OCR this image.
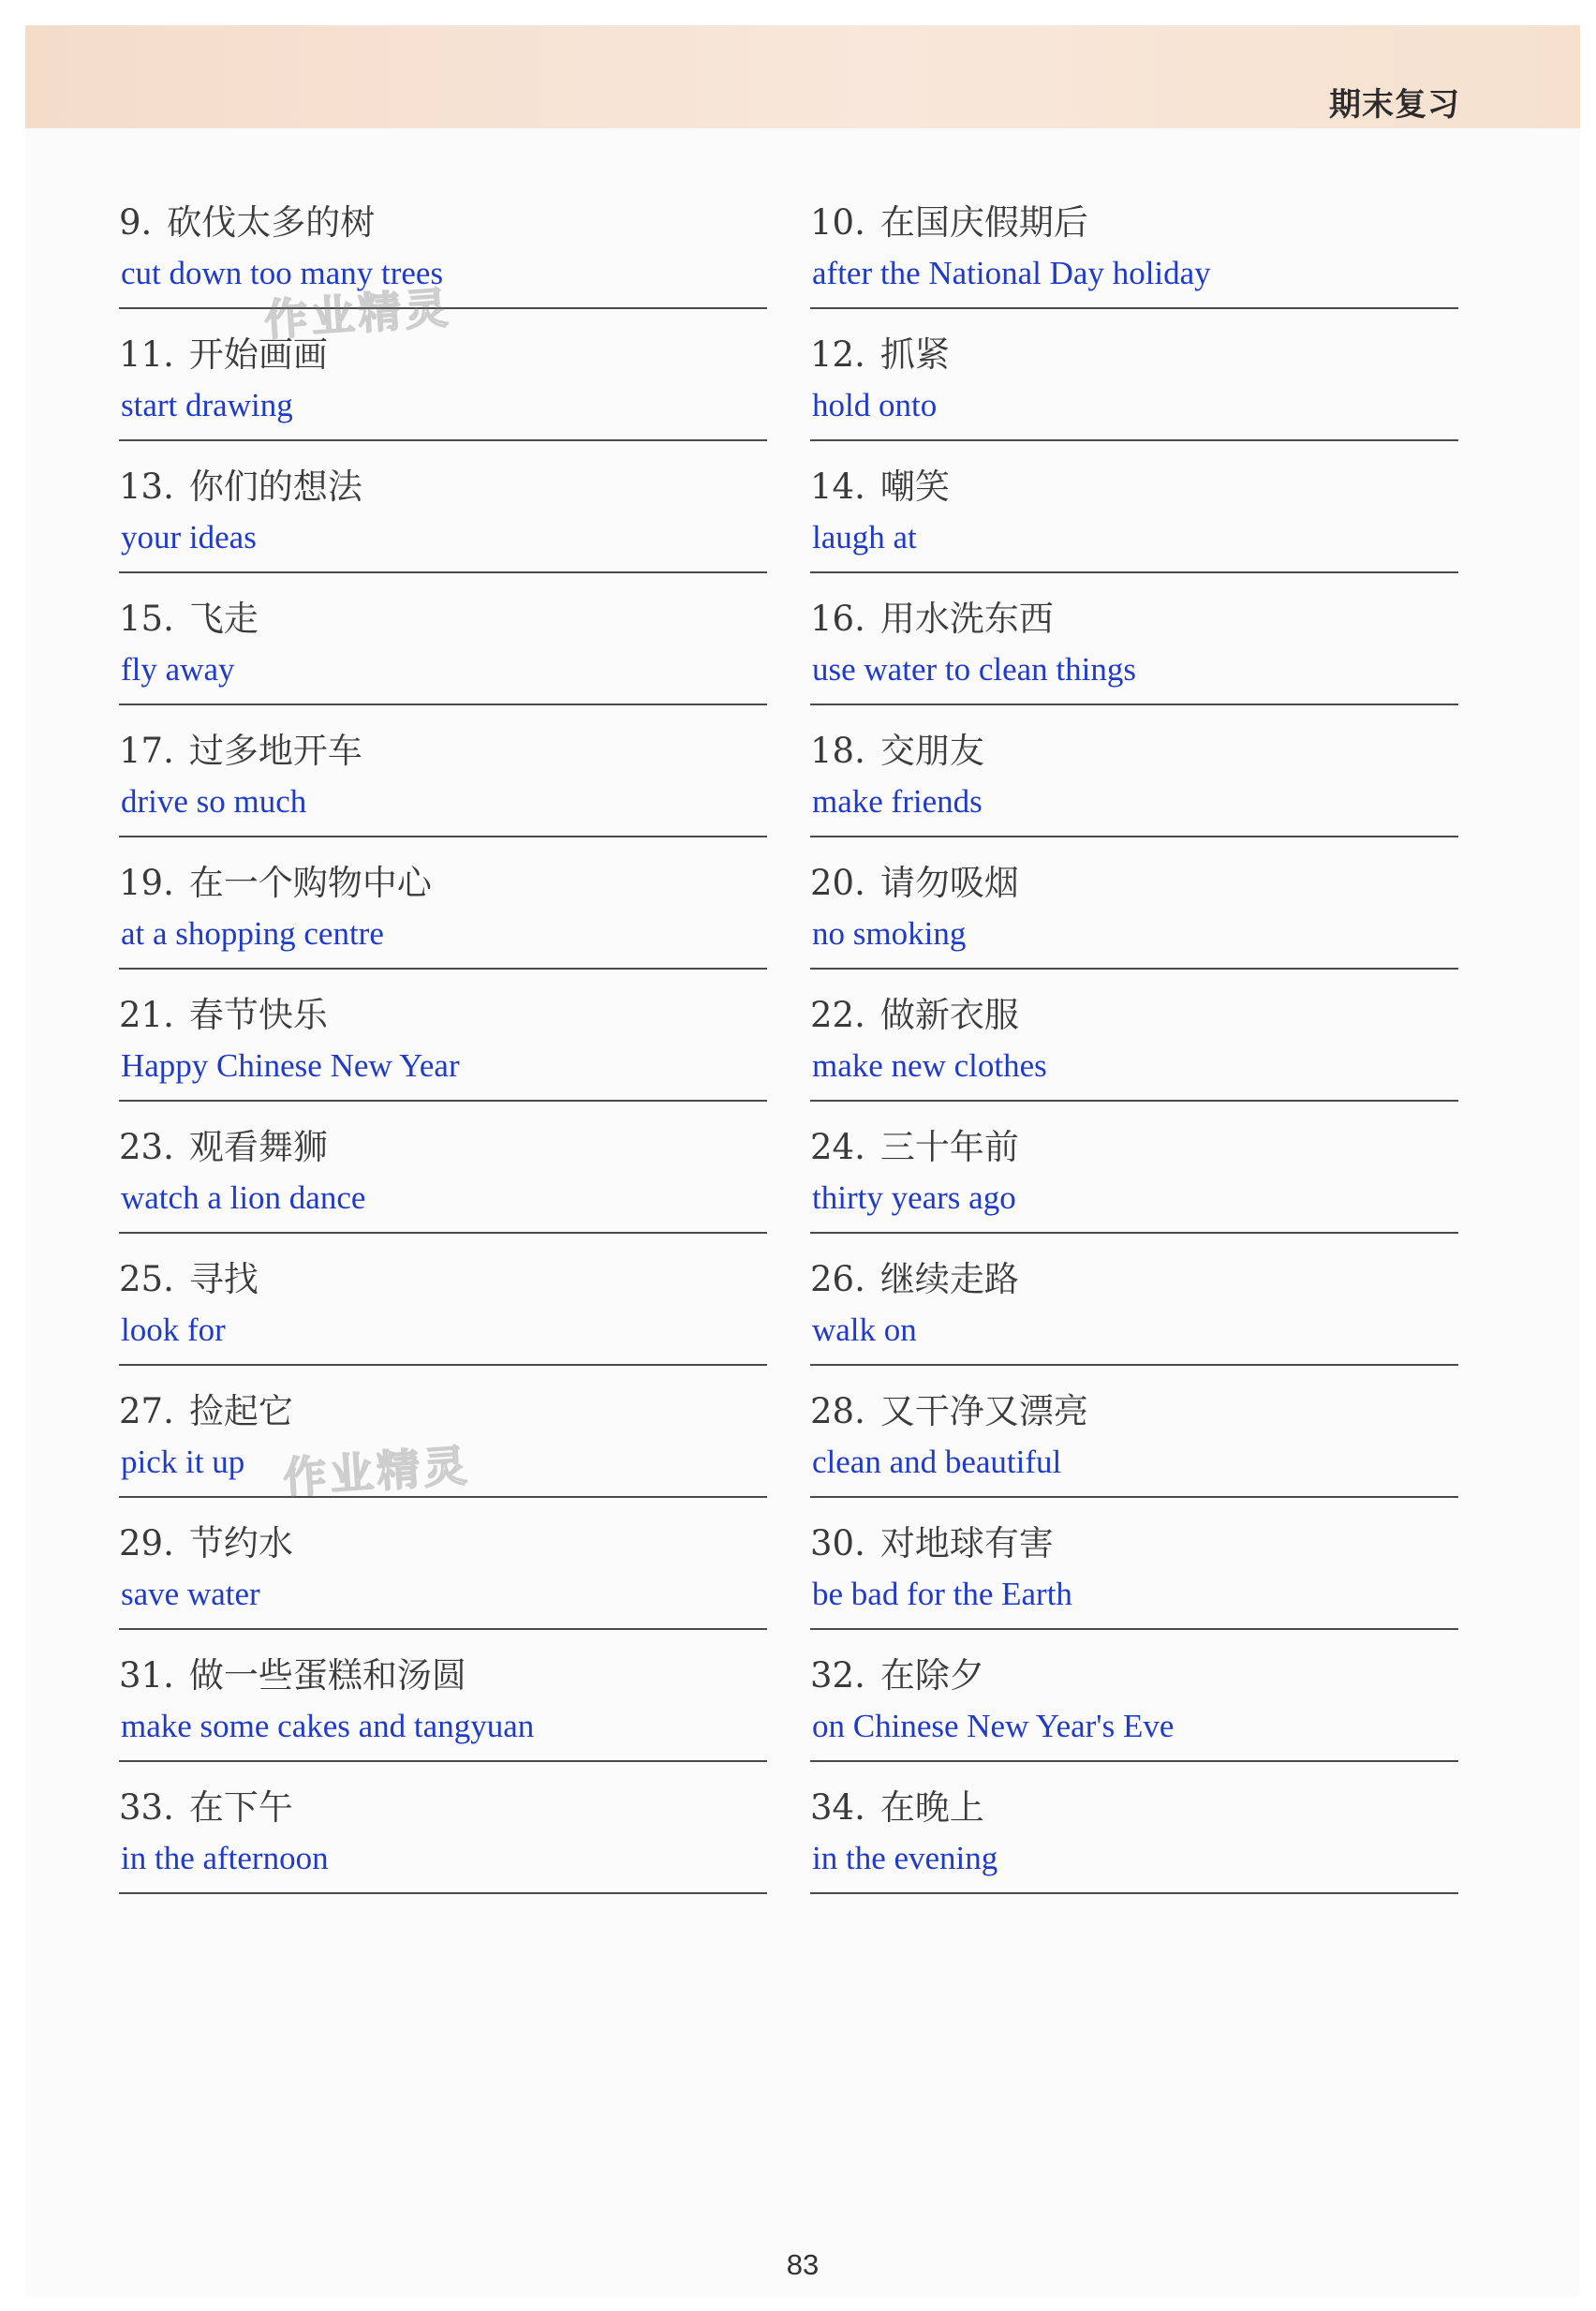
期末复习
9. 砍伐太多的树
cut down too many trees
10. 在国庆假期后
after the National Day holiday
11. 开始画画
start drawing
12. 抓紧
hold onto
13. 你们的想法
your ideas
14. 嘲笑
laugh at
15. 飞走
fly away
16. 用水洗东西
use water to clean things
17. 过多地开车
drive so much
18. 交朋友
make friends
19. 在一个购物中心
at a shopping centre
20. 请勿吸烟
no smoking
21. 春节快乐
Happy Chinese New Year
22. 做新衣服
make new clothes
23. 观看舞狮
watch a lion dance
24. 三十年前
thirty years ago
25. 寻找
look for
26. 继续走路
walk on
27. 捡起它
pick it up
28. 又干净又漂亮
clean and beautiful
29. 节约水
save water
30. 对地球有害
be bad for the Earth
31. 做一些蛋糕和汤圆
make some cakes and tangyuan
32. 在除夕
on Chinese New Year's Eve
33. 在下午
in the afternoon
34. 在晚上
in the evening
作业精灵
作业精灵
83
